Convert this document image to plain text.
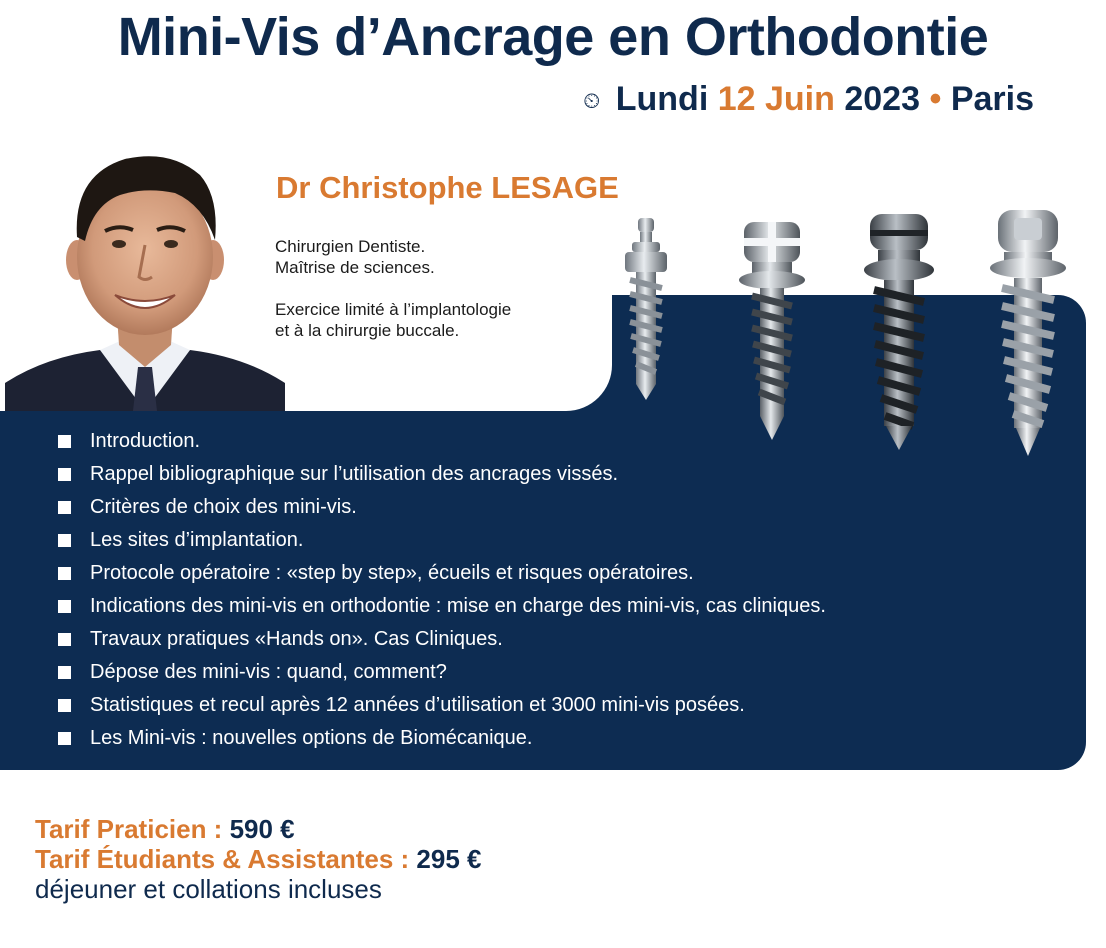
Mini-Vis d’Ancrage en Orthodontie
⏲ Lundi 12 Juin 2023 • Paris
Dr Christophe LESAGE

Chirurgien Dentiste.

Maîtrise de sciences.

Exercice limité à l’implantologie

et à la chirurgie buccale.

Introduction.
Rappel bibliographique sur l’utilisation des ancrages vissés.
Critères de choix des mini-vis.
Les sites d’implantation.
Protocole opératoire : «step by step», écueils et risques opératoires.
Indications des mini-vis en orthodontie : mise en charge des mini-vis, cas cliniques.
Travaux pratiques «Hands on». Cas Cliniques.
Dépose des mini-vis : quand, comment?
Statistiques et recul après 12 années d’utilisation et 3000 mini-vis posées.
Les Mini-vis : nouvelles options de Biomécanique.
Tarif Praticien : 590 €
Tarif Étudiants & Assistantes : 295 €
déjeuner et collations incluses
